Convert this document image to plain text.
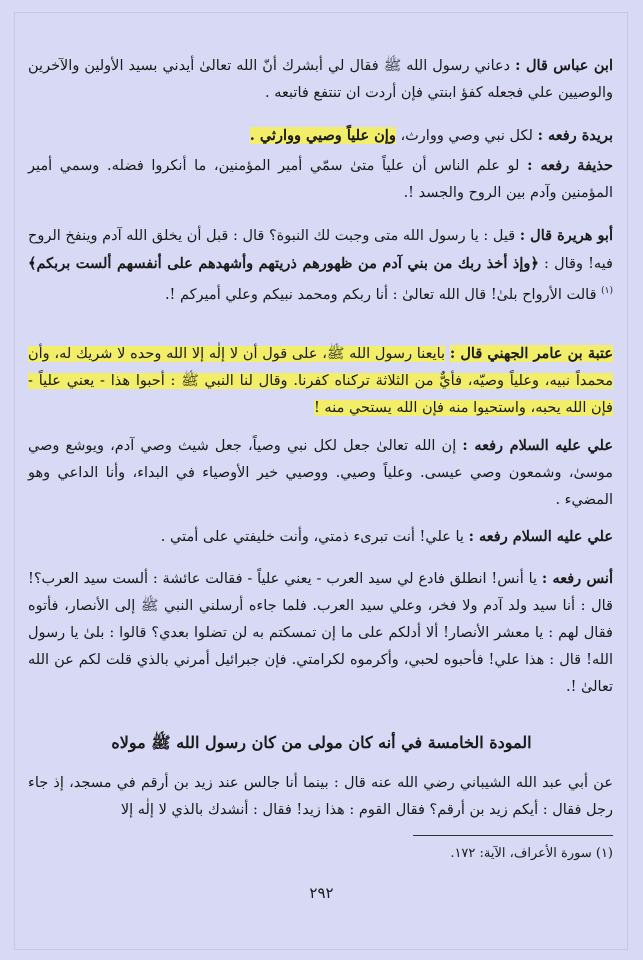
ابن عباس قال : دعاني رسول الله ﷺ فقال لي أبشرك أنّ الله تعالىٰ أيدني بسيد الأولين والآخرين والوصيين علي فجعله كفؤ ابنتي فإن أردت ان تنتفع فاتبعه .

بريدة رفعه : لكل نبي وصي ووارث، وإن علياً وصيي ووارثي .

حذيفة رفعه : لو علم الناس أن علياً متىٰ سمّي أمير المؤمنين، ما أنكروا فضله. وسمي أمير المؤمنين وآدم بين الروح والجسد !.

أبو هريرة قال : قيل : يا رسول الله متى وجبت لك النبوة؟ قال : قبل أن يخلق الله آدم وينفخ الروح فيه! وقال : ﴿وإذ أخذ ربك من بني آدم من ظهورهم ذريتهم وأشهدهم على أنفسهم ألست بربكم﴾ $^{(١)}$ قالت الأرواح بلىٰ! قال الله تعالىٰ : أنا ربكم ومحمد نبيكم وعلي أميركم !.

عتبة بن عامر الجهني قال : بايعنا رسول الله ﷺ، على قول أن لا إلٰه إلا الله وحده لا شريك له، وأن محمداً نبيه، وعلياً وصيّه، فأيٌّ من الثلاثة تركناه كفرنا. وقال لنا النبي ﷺ : أحبوا هذا - يعني علياً - فإن الله يحبه، واستحيوا منه فإن الله يستحي منه !

علي عليه السلام رفعه : إن الله تعالىٰ جعل لكل نبي وصياً، جعل شيث وصي آدم، ويوشع وصي موسىٰ، وشمعون وصي عيسى. وعلياً وصيي. ووصيي خير الأوصياء في البداء، وأنا الداعي وهو المضيء .

علي عليه السلام رفعه : يا علي! أنت تبرىء ذمتي، وأنت خليفتي على أمتي .

أنس رفعه : يا أنس! انطلق فادع لي سيد العرب - يعني علياً - فقالت عائشة : ألست سيد العرب؟! قال : أنا سيد ولد آدم ولا فخر، وعلي سيد العرب. فلما جاءه أرسلني النبي ﷺ إلى الأنصار، فأتوه فقال لهم : يا معشر الأنصار! ألا أدلكم على ما إن تمسكتم به لن تضلوا بعدي؟ قالوا : بلىٰ يا رسول الله! قال : هذا علي! فأحبوه لحبي، وأكرموه لكرامتي. فإن جبرائيل أمرني بالذي قلت لكم عن الله تعالىٰ !.

المودة الخامسة في أنه كان مولى من كان رسول الله ﷺ مولاه

عن أبي عبد الله الشيباني رضي الله عنه قال : بينما أنا جالس عند زيد بن أرقم في مسجد، إذ جاء رجل فقال : أيكم زيد بن أرقم؟ فقال القوم : هذا زيد! فقال : أنشدك بالذي لا إلٰه إلا

(١) سورة الأعراف، الآية: ١٧٢.
٢٩٢
